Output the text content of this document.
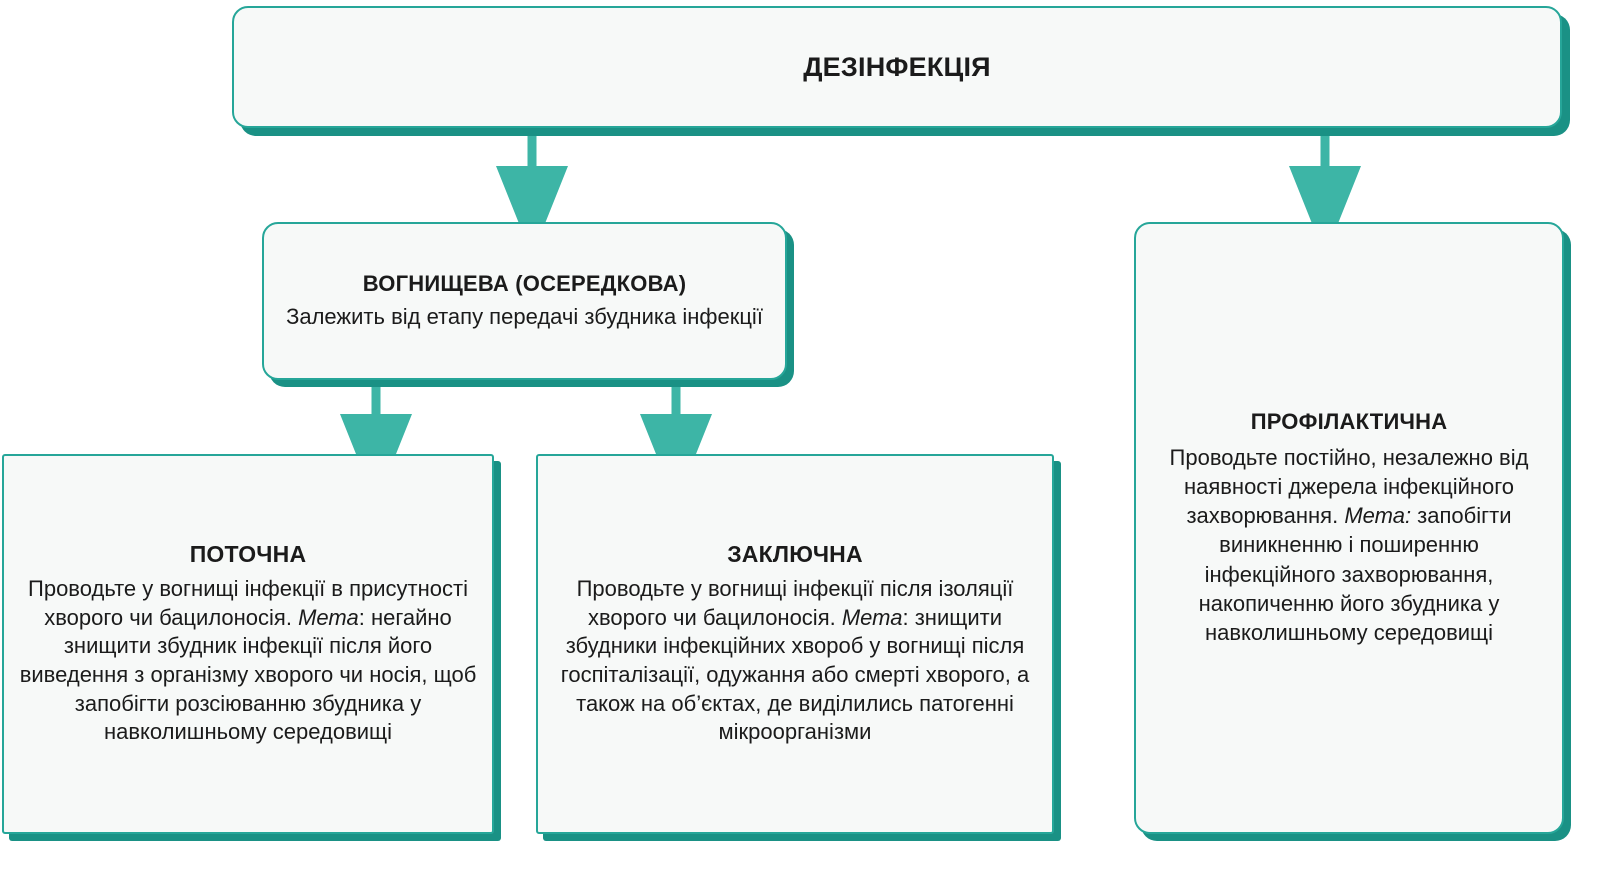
ДЕЗІНФЕКЦІЯ
ВОГНИЩЕВА (ОСЕРЕДКОВА)
Залежить від етапу передачі збудника інфекції
ПРОФІЛАКТИЧНА
Проводьте постійно, незалежно від наявності джерела інфекційного захворювання. Мета: запобігти виникненню і поширенню інфекційного захворювання, накопиченню його збудника у навколишньому середовищі
ПОТОЧНА
Проводьте у вогнищі інфекції в присутності хворого чи бацилоносія. Мета: негайно знищити збудник інфекції після його виведення з організму хворого чи носія, щоб запобігти розсіюванню збудника у навколишньому середовищі
ЗАКЛЮЧНА
Проводьте у вогнищі інфекції після ізоляції хворого чи бацилоносія. Мета: знищити збудники інфекційних хвороб у вогнищі після госпіталізації, одужання або смерті хворого, а також на об’єктах, де виділились патогенні мікроорганізми
